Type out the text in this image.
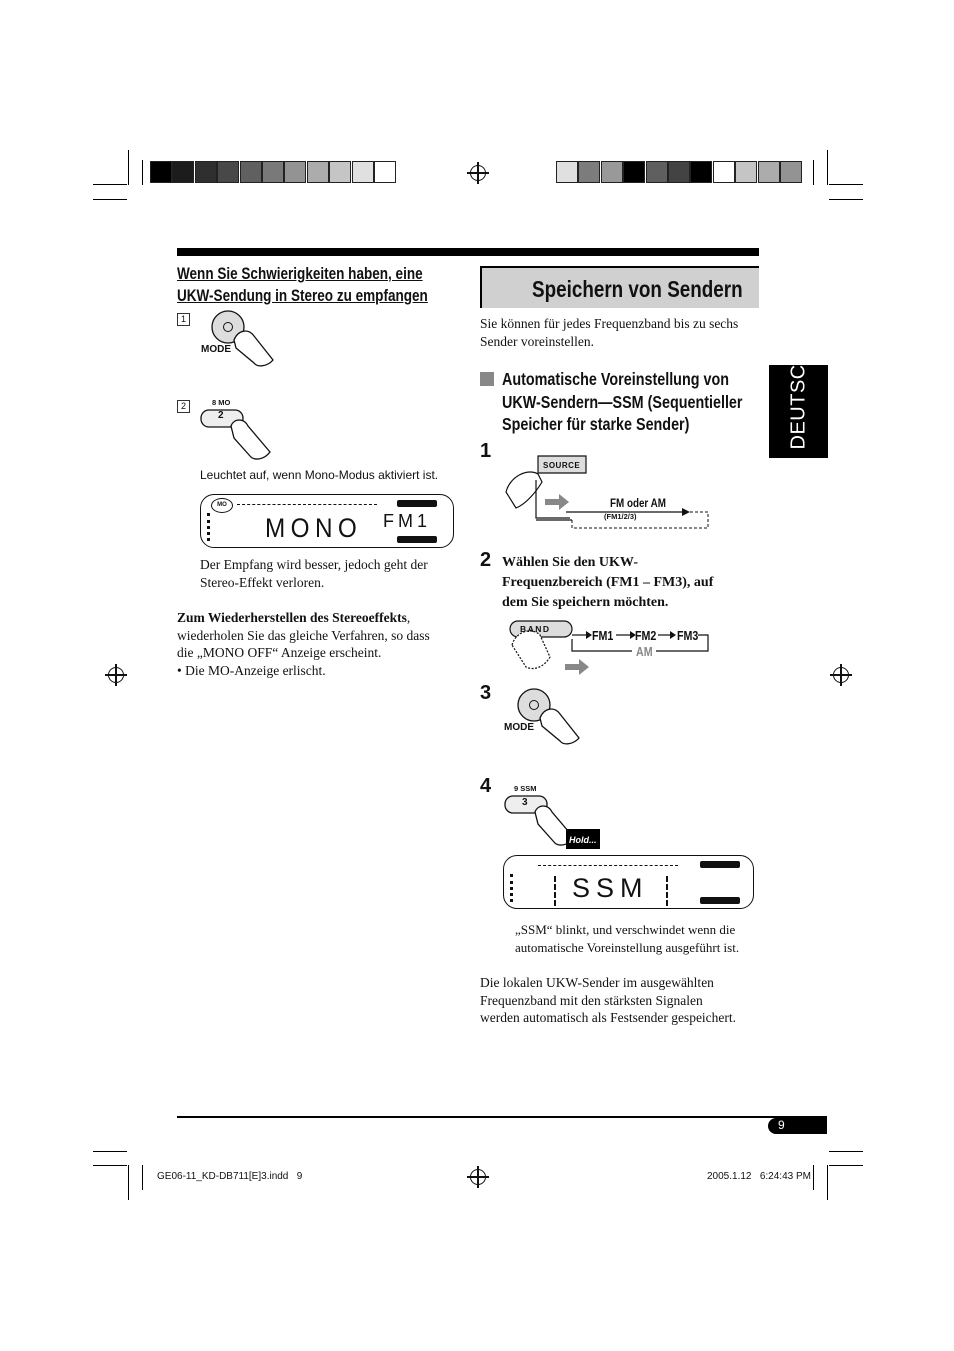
DEUTSCH
Wenn Sie Schwierigkeiten haben, eine
UKW-Sendung in Stereo zu empfangen
1
MODE
2	8 MO
2
Leuchtet auf, wenn Mono-Modus aktiviert ist.
MO
MONO FM1
Der Empfang wird besser, jedoch geht der
Stereo-Effekt verloren.
Zum Wiederherstellen des Stereoeffekts,
wiederholen Sie das gleiche Verfahren, so dass
die „MONO OFF“ Anzeige erscheint.
• Die MO-Anzeige erlischt.
Speichern von Sendern
Sie können für jedes Frequenzband bis zu sechs
Sender voreinstellen.
Automatische Voreinstellung von
UKW-Sendern—SSM (Sequentieller
Speicher für starke Sender)
1
SOURCE
FM oder AM
(FM1/2/3)
2 Wählen Sie den UKW-
Frequenzbereich (FM1 – FM3), auf
dem Sie speichern möchten.
BAND	FM1 FM2 FM3
AM
3
MODE
4	9 SSM
3
Hold...
SSM
„SSM“ blinkt, und verschwindet wenn die
automatische Voreinstellung ausgeführt ist.
Die lokalen UKW-Sender im ausgewählten
Frequenzband mit den stärksten Signalen
werden automatisch als Festsender gespeichert.
9
GE06-11_KD-DB711[E]3.indd   9	2005.1.12   6:24:43 PM
